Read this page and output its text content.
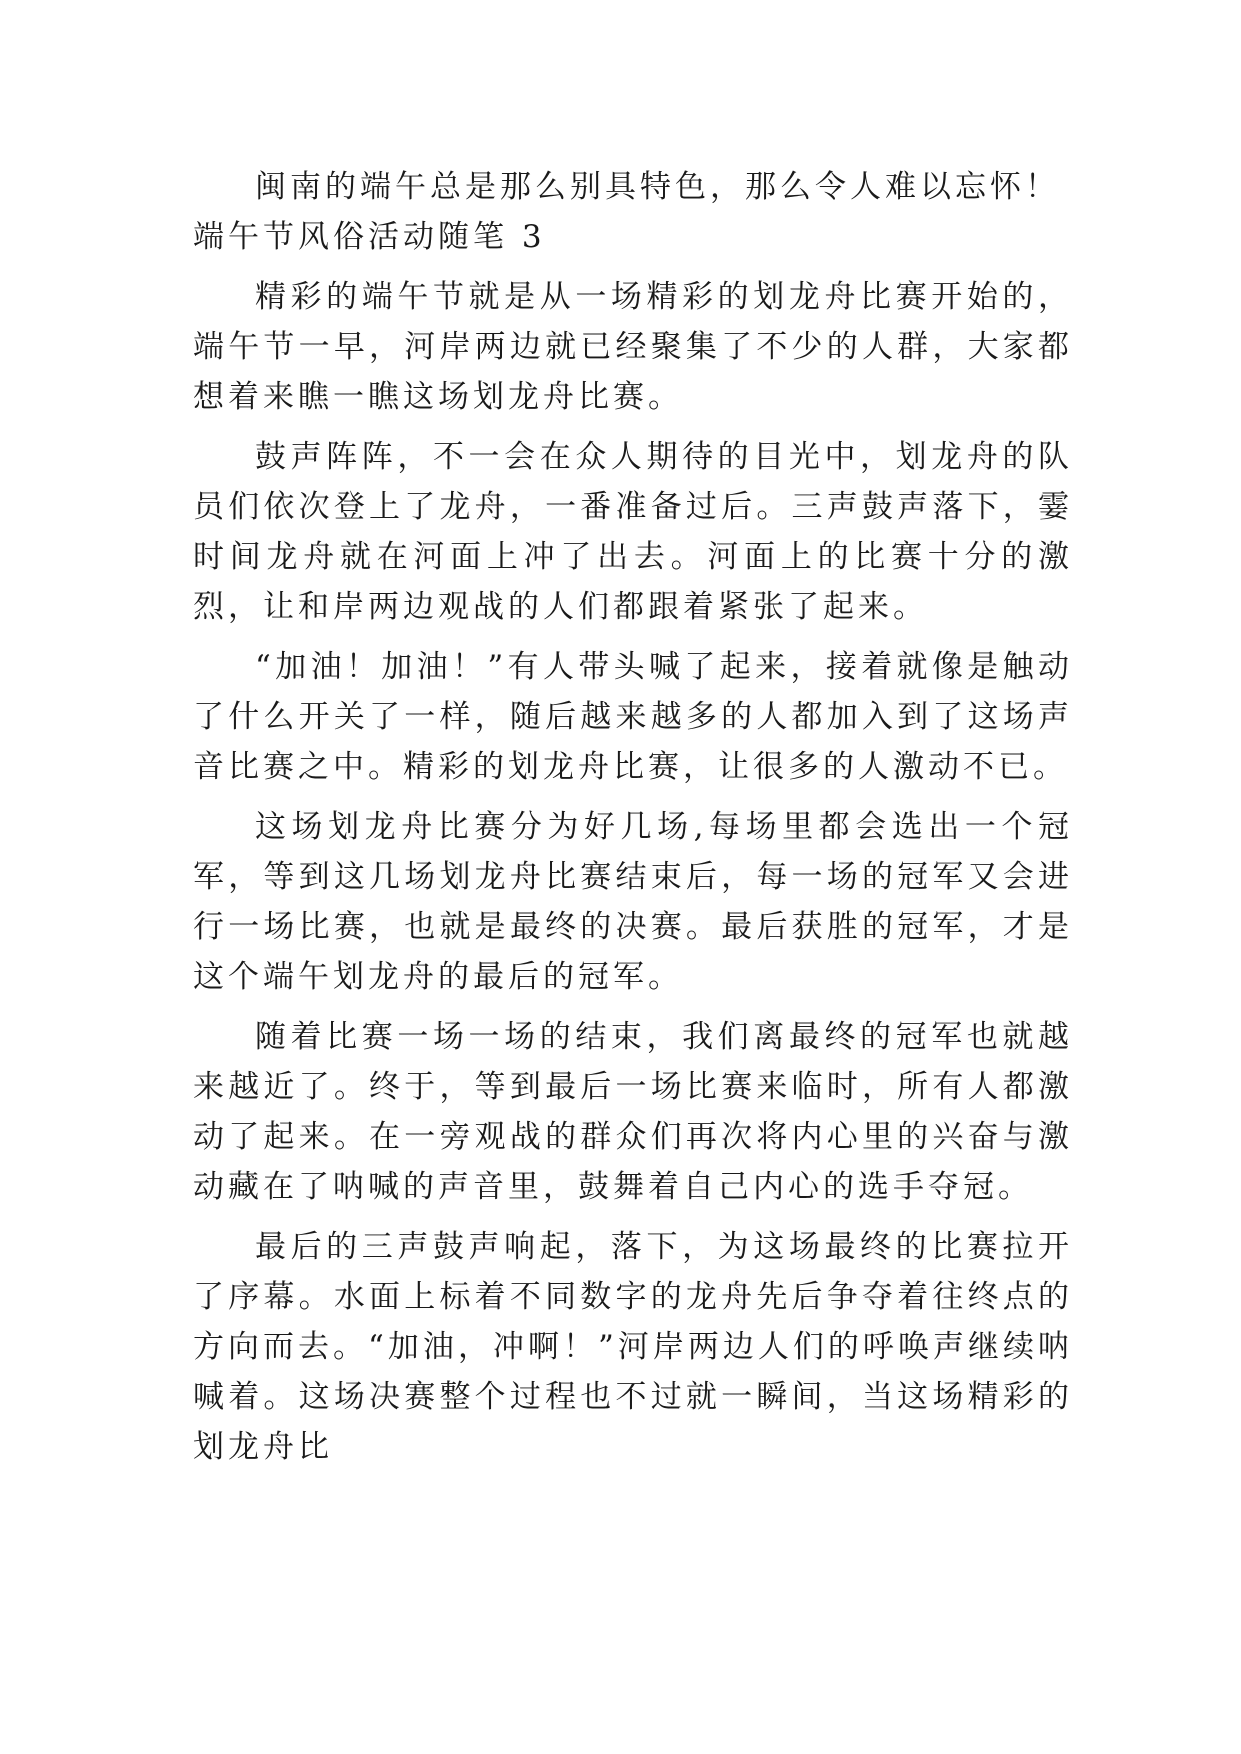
闽南的端午总是那么别具特色，那么令人难以忘怀！

端午节风俗活动随笔 3

精彩的端午节就是从一场精彩的划龙舟比赛开始的，端午节一早，河岸两边就已经聚集了不少的人群，大家都想着来瞧一瞧这场划龙舟比赛。

鼓声阵阵，不一会在众人期待的目光中，划龙舟的队员们依次登上了龙舟，一番准备过后。三声鼓声落下，霎时间龙舟就在河面上冲了出去。河面上的比赛十分的激烈，让和岸两边观战的人们都跟着紧张了起来。

“加油！加油！”有人带头喊了起来，接着就像是触动了什么开关了一样，随后越来越多的人都加入到了这场声音比赛之中。精彩的划龙舟比赛，让很多的人激动不已。

这场划龙舟比赛分为好几场,每场里都会选出一个冠军，等到这几场划龙舟比赛结束后，每一场的冠军又会进行一场比赛，也就是最终的决赛。最后获胜的冠军，才是这个端午划龙舟的最后的冠军。

随着比赛一场一场的结束，我们离最终的冠军也就越来越近了。终于，等到最后一场比赛来临时，所有人都激动了起来。在一旁观战的群众们再次将内心里的兴奋与激动藏在了呐喊的声音里，鼓舞着自己内心的选手夺冠。

最后的三声鼓声响起，落下，为这场最终的比赛拉开了序幕。水面上标着不同数字的龙舟先后争夺着往终点的方向而去。“加油，冲啊！”河岸两边人们的呼唤声继续呐喊着。这场决赛整个过程也不过就一瞬间，当这场精彩的划龙舟比
